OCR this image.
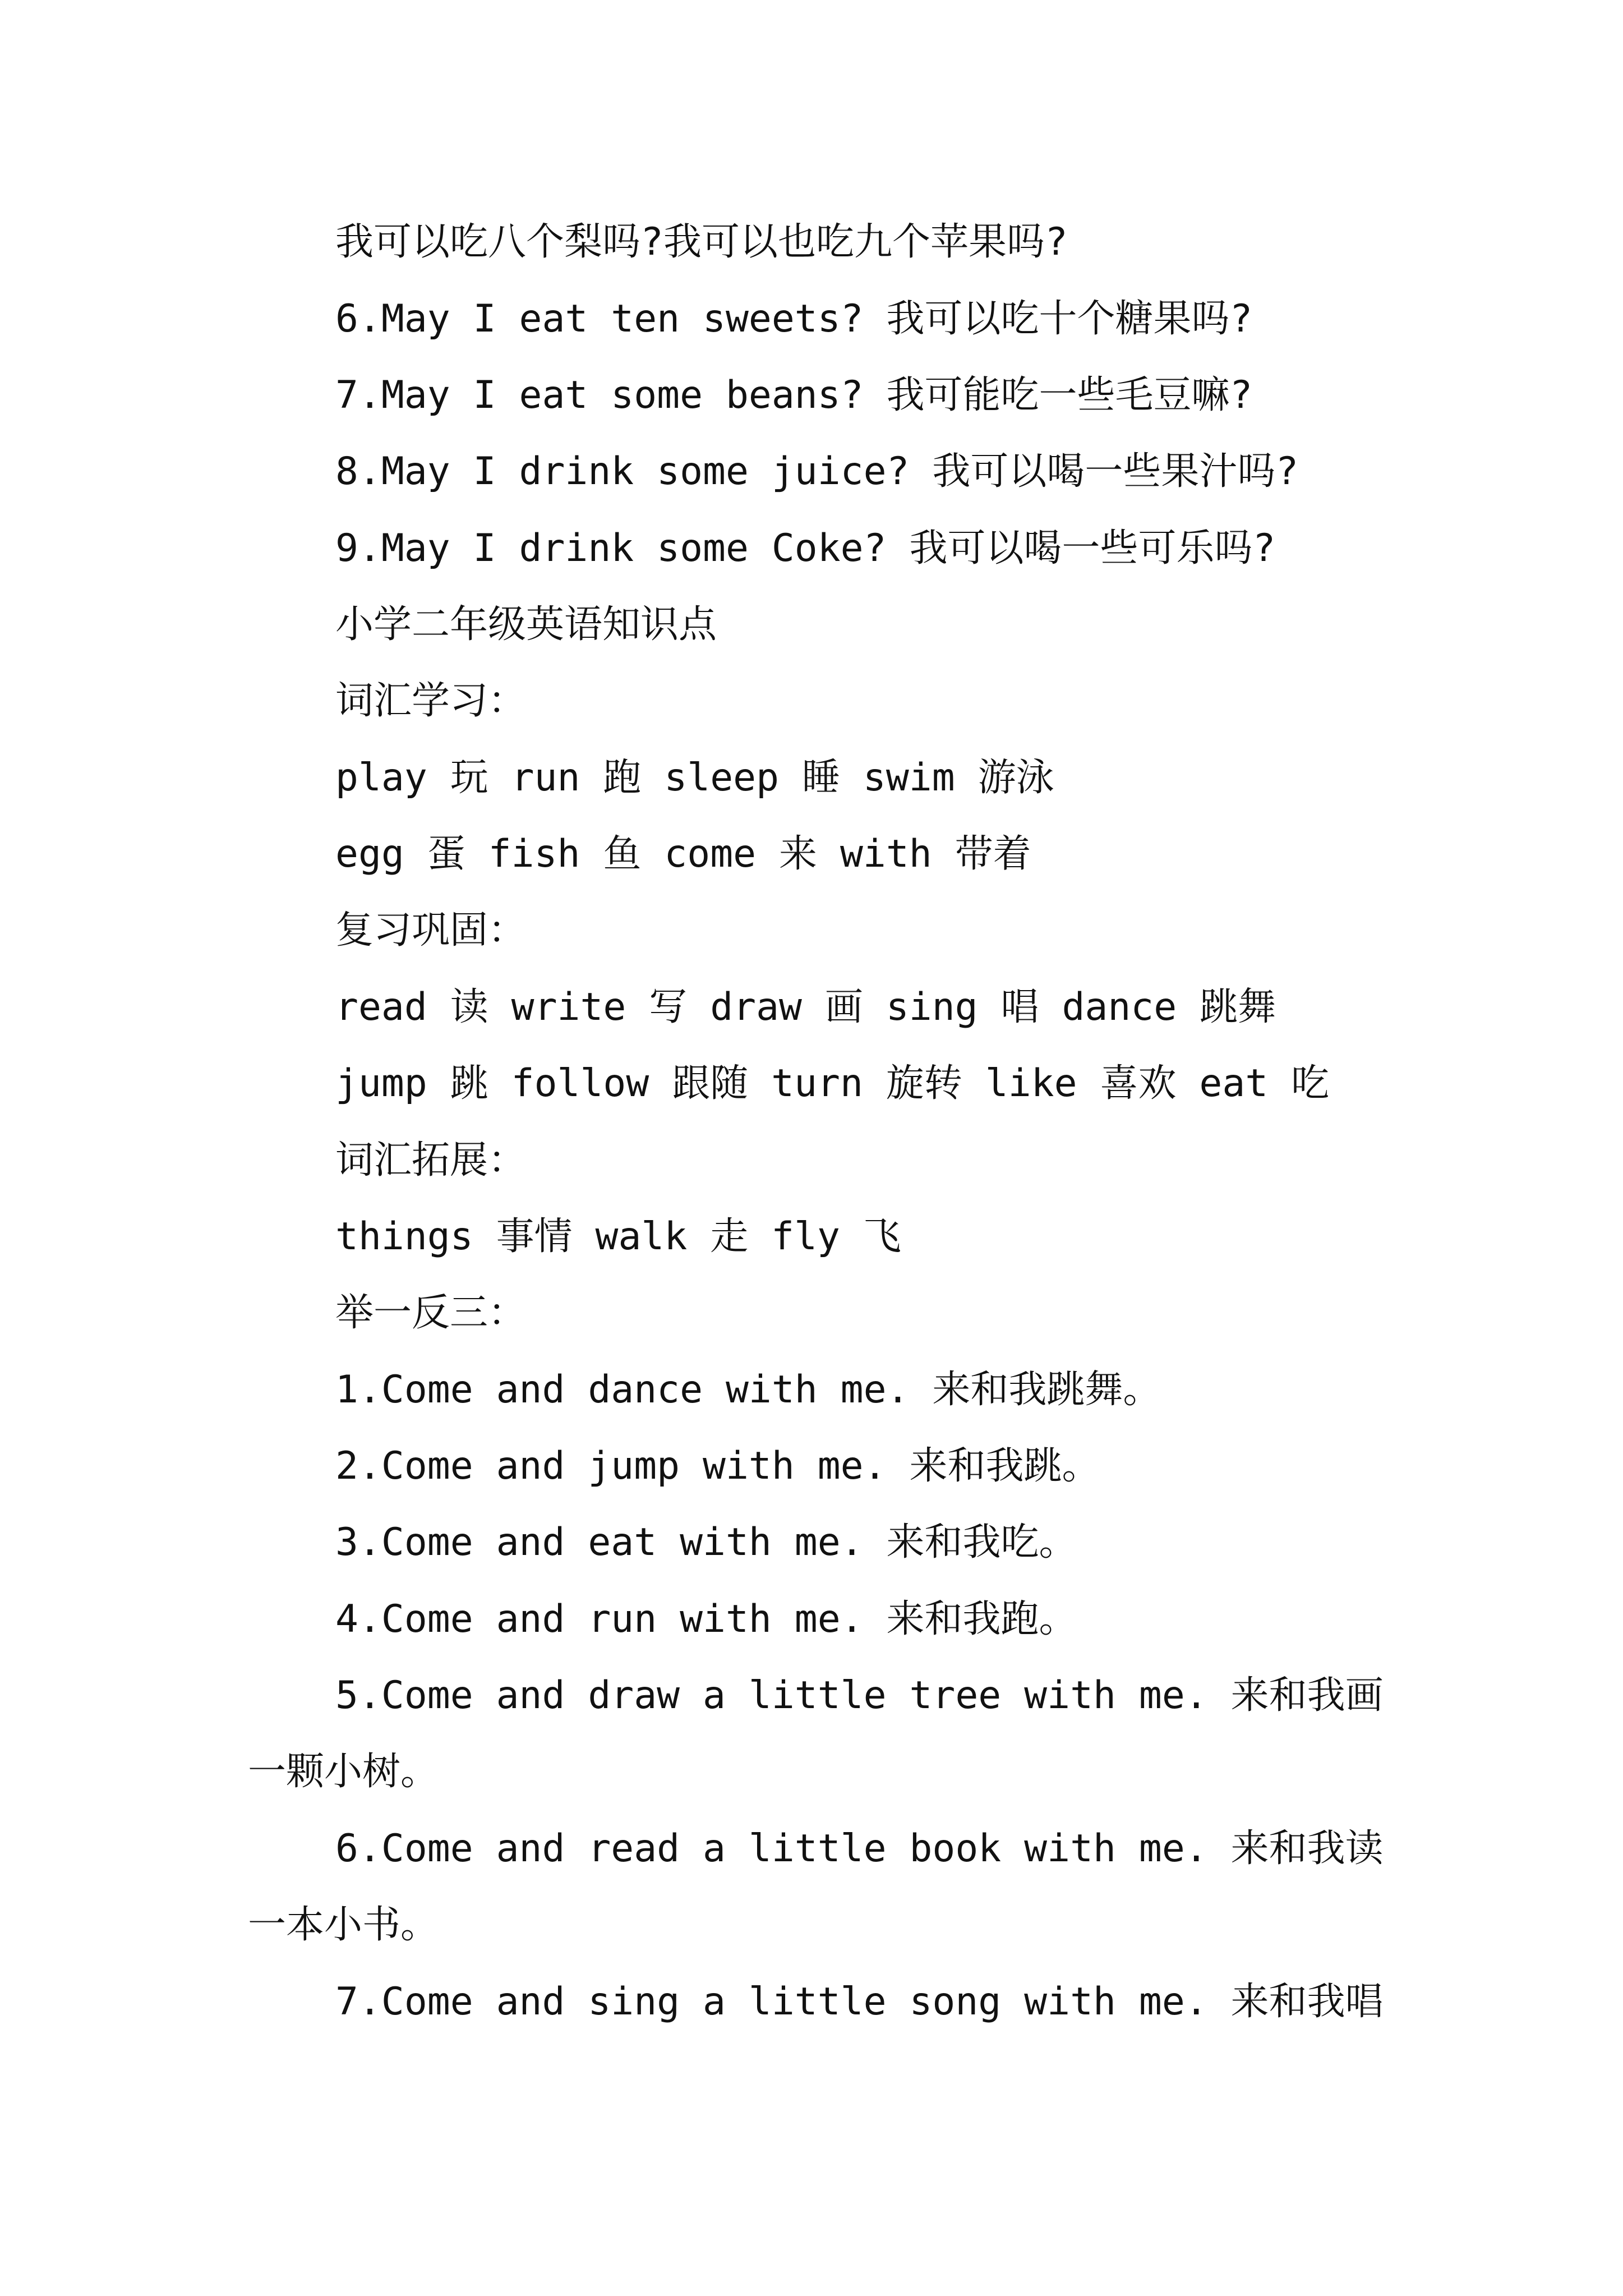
我可以吃八个梨吗?我可以也吃九个苹果吗?
6.May I eat ten sweets? 我可以吃十个糖果吗?
7.May I eat some beans? 我可能吃一些毛豆嘛?
8.May I drink some juice? 我可以喝一些果汁吗?
9.May I drink some Coke? 我可以喝一些可乐吗?
小学二年级英语知识点
词汇学习：
play 玩 run 跑 sleep 睡 swim 游泳
egg 蛋 fish 鱼 come 来 with 带着
复习巩固：
read 读 write 写 draw 画 sing 唱 dance 跳舞
jump 跳 follow 跟随 turn 旋转 like 喜欢 eat 吃
词汇拓展：
things 事情 walk 走 fly 飞
举一反三：
1.Come and dance with me. 来和我跳舞。
2.Come and jump with me. 来和我跳。
3.Come and eat with me. 来和我吃。
4.Come and run with me. 来和我跑。
5.Come and draw a little tree with me. 来和我画
一颗小树。
6.Come and read a little book with me. 来和我读
一本小书。
7.Come and sing a little song with me. 来和我唱
